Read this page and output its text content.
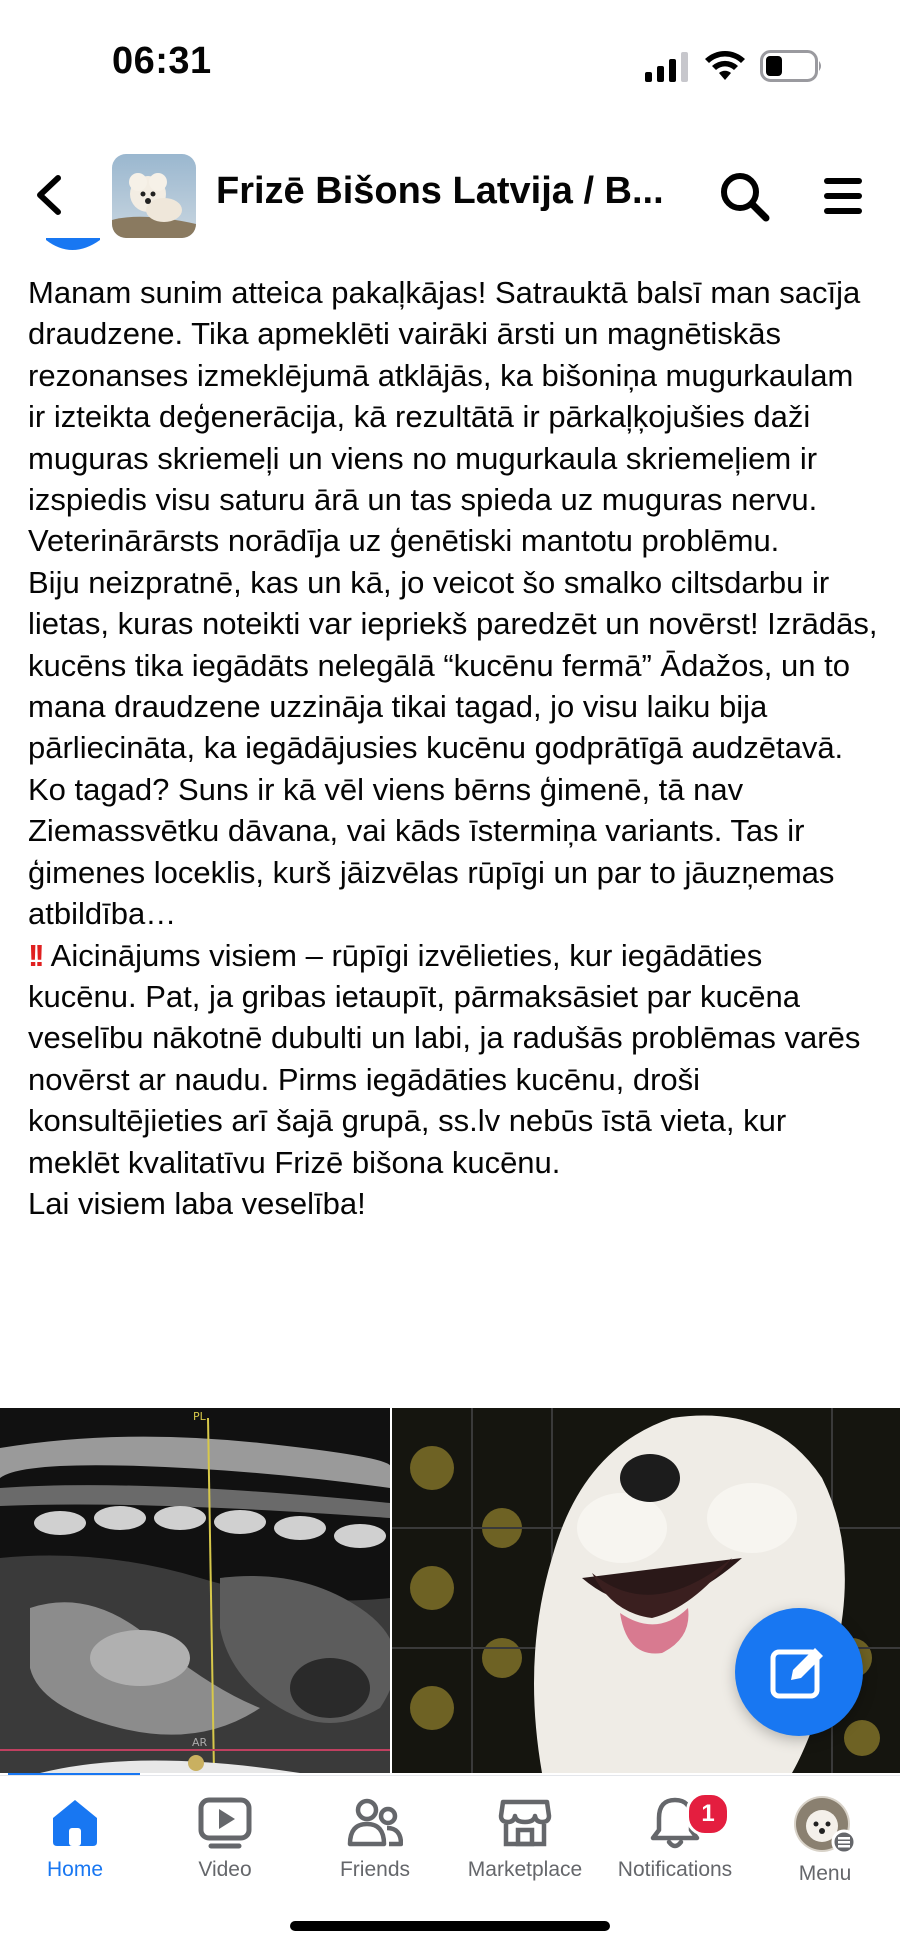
06:31
Frizē Bišons Latvija / B...

Manam sunim atteica pakaļkājas! Satrauktā balsī man sacīja draudzene. Tika apmeklēti vairāki ārsti un magnētiskās rezonanses izmeklējumā atklājās, ka bišoniņa mugurkaulam ir izteikta deģenerācija, kā rezultātā ir pārkaļķojušies daži muguras skriemeļi un viens no mugurkaula skriemeļiem ir izspiedis visu saturu ārā un tas spieda uz muguras nervu. Veterinārārsts norādīja uz ģenētiski mantotu problēmu.

Biju neizpratnē, kas un kā, jo veicot šo smalko ciltsdarbu ir lietas, kuras noteikti var iepriekš paredzēt un novērst! Izrādās, kucēns tika iegādāts nelegālā “kucēnu fermā” Ādažos, un to mana draudzene uzzināja tikai tagad, jo visu laiku bija pārliecināta, ka iegādājusies kucēnu godprātīgā audzētavā.

Ko tagad? Suns ir kā vēl viens bērns ģimenē, tā nav Ziemassvētku dāvana, vai kāds īstermiņa variants. Tas ir ģimenes loceklis, kurš jāizvēlas rūpīgi un par to jāuzņemas atbildība…

!! Aicinājums visiem – rūpīgi izvēlieties, kur iegādāties kucēnu. Pat, ja gribas ietaupīt, pārmaksāsiet par kucēna veselību nākotnē dubulti un labi, ja radušās problēmas varēs novērst ar naudu. Pirms iegādāties kucēnu, droši konsultējieties arī šajā grupā, ss.lv nebūs īstā vieta, kur meklēt kvalitatīvu Frizē bišona kucēnu.

Lai visiem laba veselība!

PL
AR
Home	Video	Friends	Marketplace
1
Notifications	Menu
